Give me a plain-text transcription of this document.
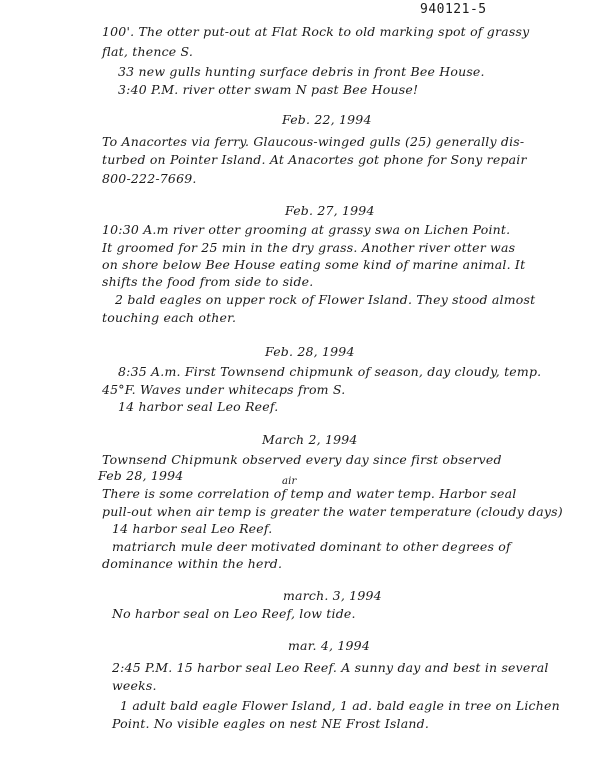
940121-5
100'. The otter put-out at Flat Rock to old marking spot of grassy
flat, thence S.
33 new gulls hunting surface debris in front Bee House.
3:40 P.M. river otter swam N past Bee House!
Feb. 22, 1994
To Anacortes via ferry. Glaucous-winged gulls (25) generally dis-
turbed on Pointer Island. At Anacortes got phone for Sony repair
800-222-7669.
Feb. 27, 1994
10:30 A.m river otter grooming at grassy swa on Lichen Point.
It groomed for 25 min in the dry grass. Another river otter was
on shore below Bee House eating some kind of marine animal. It
shifts the food from side to side.
2 bald eagles on upper rock of Flower Island. They stood almost
touching each other.
Feb. 28, 1994
8:35 A.m. First Townsend chipmunk of season, day cloudy, temp.
45°F. Waves under whitecaps from S.
14 harbor seal Leo Reef.
March 2, 1994
Townsend Chipmunk observed every day since first observed
Feb 28, 1994	air
There is some correlation of temp and water temp. Harbor seal
pull-out when air temp is greater the water temperature (cloudy days)
14 harbor seal Leo Reef.
matriarch mule deer motivated dominant to other degrees of
dominance within the herd.
march. 3, 1994
No harbor seal on Leo Reef, low tide.
mar. 4, 1994
2:45 P.M. 15 harbor seal Leo Reef. A sunny day and best in several
weeks.
1 adult bald eagle Flower Island, 1 ad. bald eagle in tree on Lichen
Point. No visible eagles on nest NE Frost Island.
